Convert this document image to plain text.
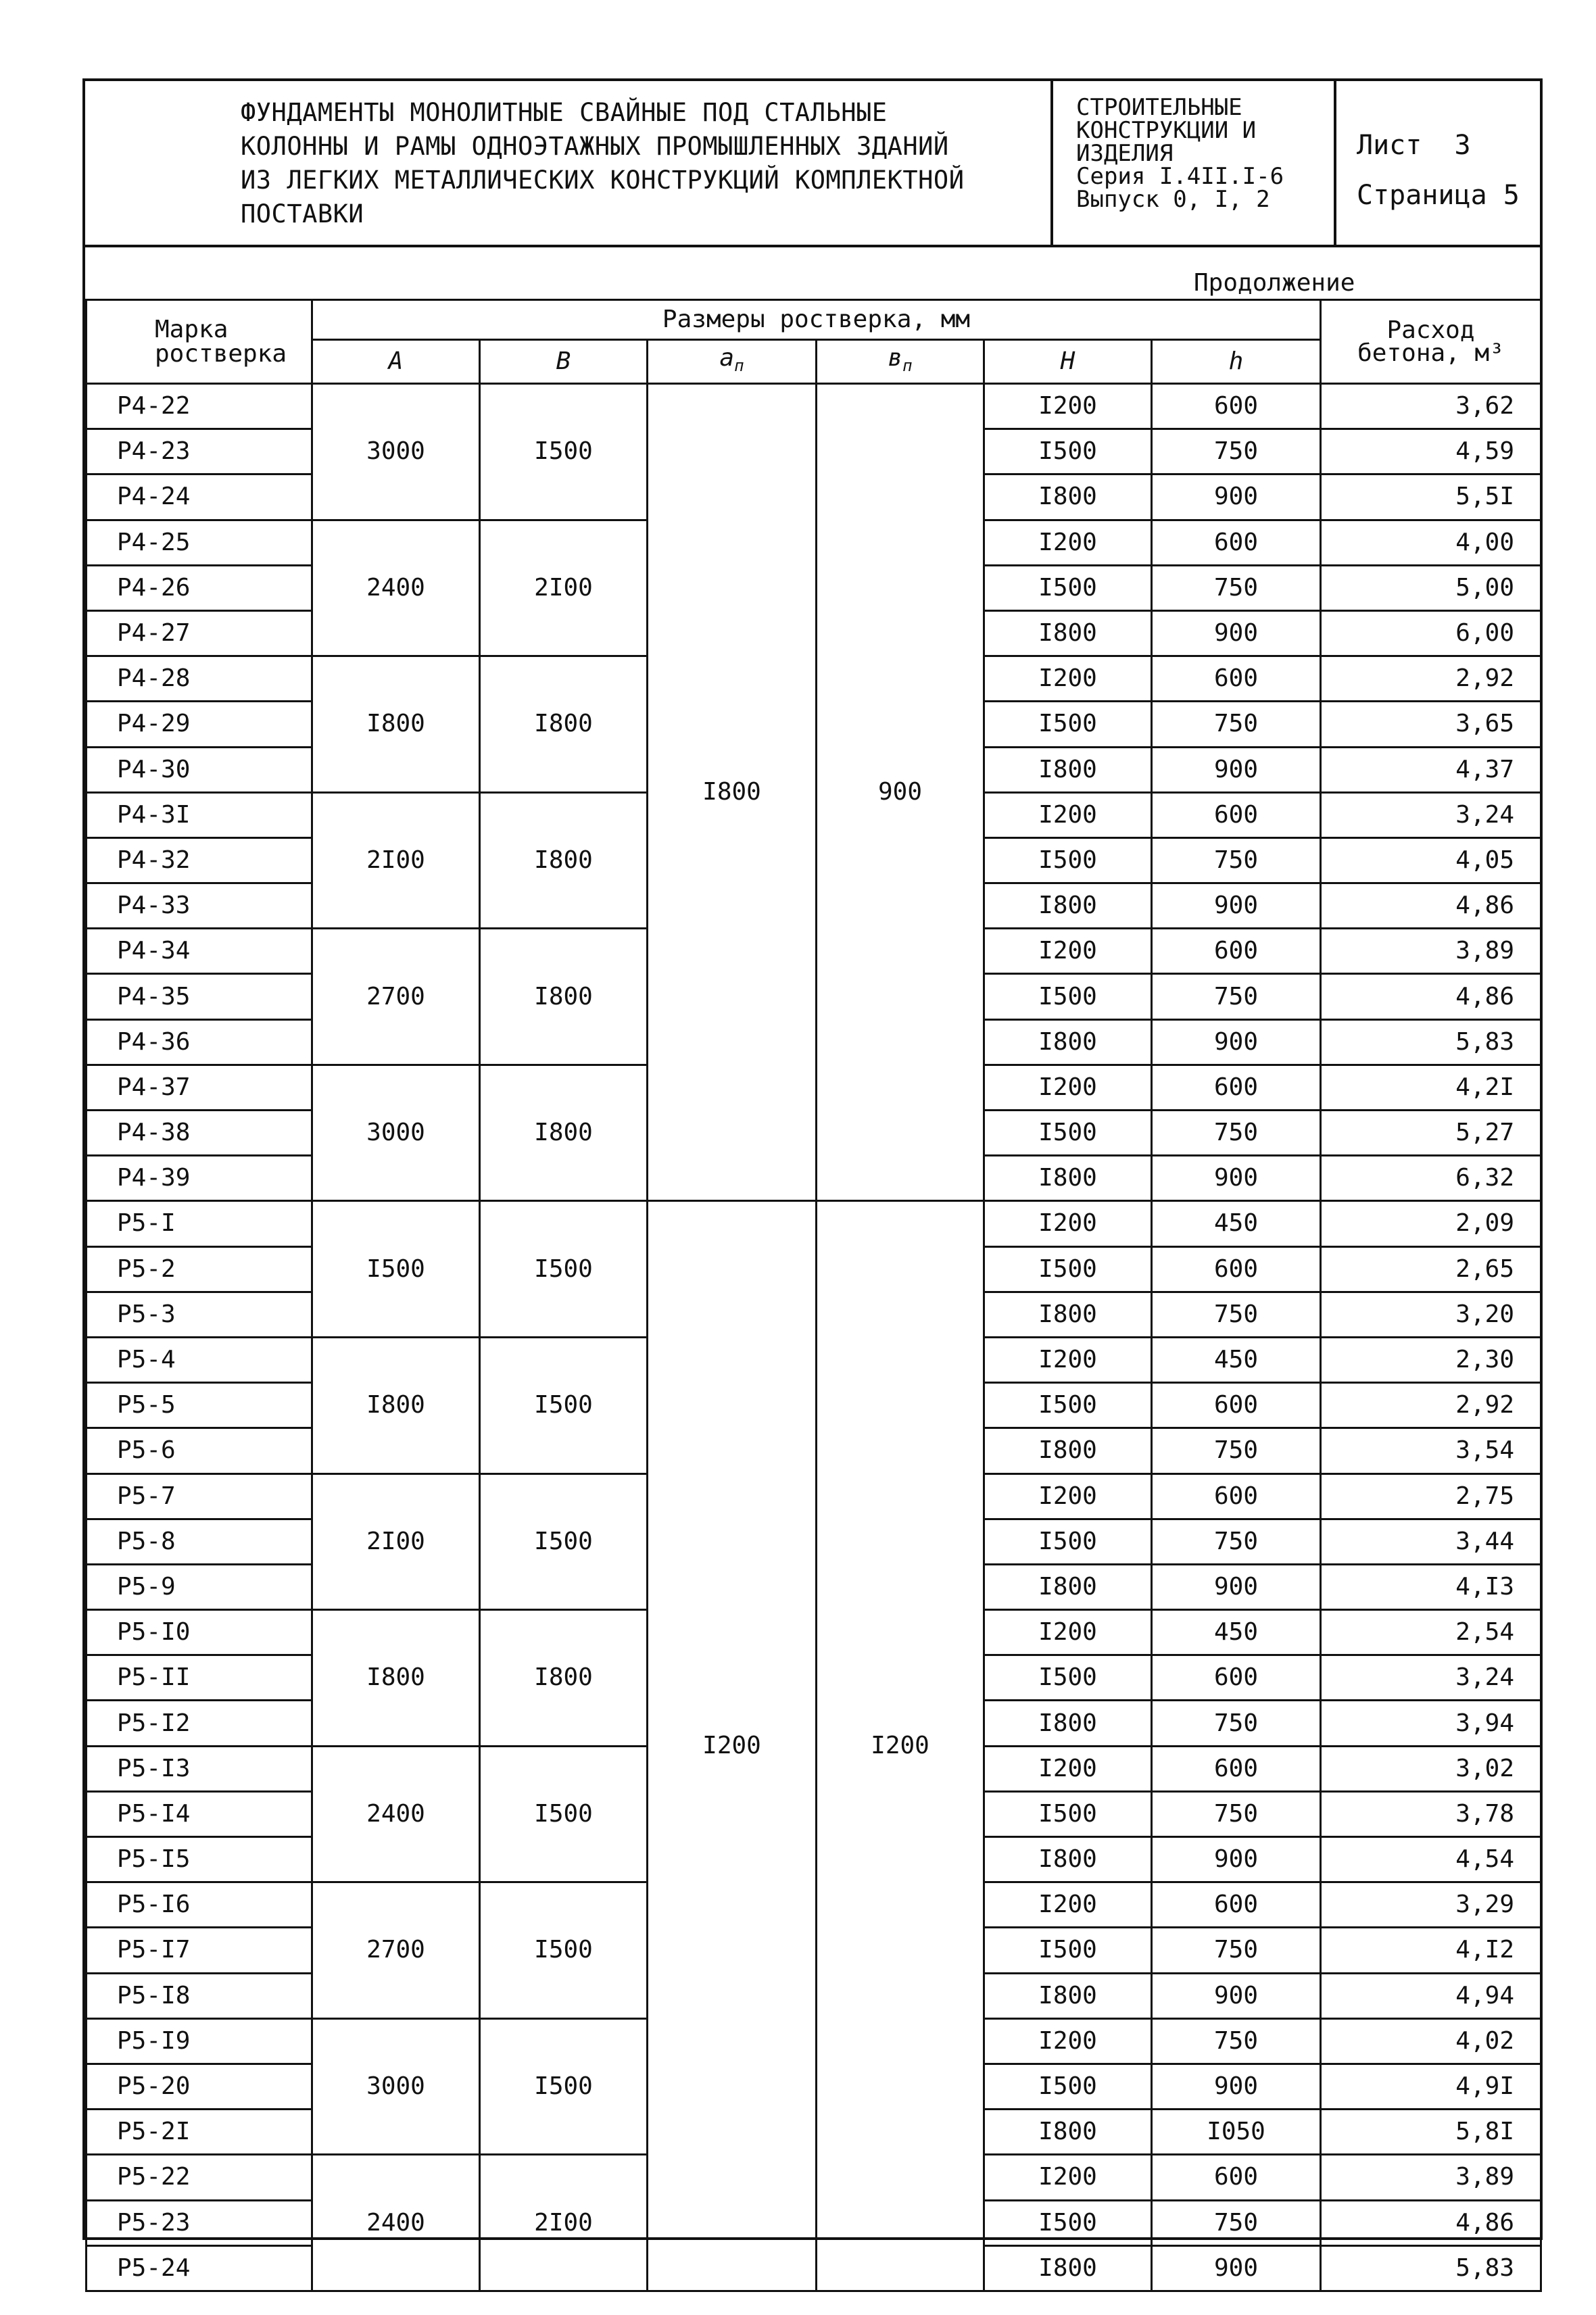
ФУНДАМЕНТЫ МОНОЛИТНЫЕ СВАЙНЫЕ ПОД СТАЛЬНЫЕ
КОЛОННЫ И РАМЫ ОДНОЭТАЖНЫХ ПРОМЫШЛЕННЫХ ЗДАНИЙ
ИЗ ЛЕГКИХ МЕТАЛЛИЧЕСКИХ КОНСТРУКЦИЙ КОМПЛЕКТНОЙ
ПОСТАВКИ
СТРОИТЕЛЬНЫЕ
КОНСТРУКЦИИ И
ИЗДЕЛИЯ
Серия I.4II.I-6
Выпуск 0, I, 2
Лист  3
Страница 5
Продолжение
Марка ростверка	Размеры ростверка, мм						Расход бетона, м³
	A	B	$a_п$	$в_п$	H	h	
P4-22	3000	I500	I800	900	I200	600	3,62
P4-23					I500	750	4,59
P4-24					I800	900	5,5I
P4-25	2400	2I00			I200	600	4,00
P4-26					I500	750	5,00
P4-27					I800	900	6,00
P4-28	I800	I800			I200	600	2,92
P4-29					I500	750	3,65
P4-30					I800	900	4,37
P4-3I	2I00	I800			I200	600	3,24
P4-32					I500	750	4,05
P4-33					I800	900	4,86
P4-34	2700	I800			I200	600	3,89
P4-35					I500	750	4,86
P4-36					I800	900	5,83
P4-37	3000	I800			I200	600	4,2I
P4-38					I500	750	5,27
P4-39					I800	900	6,32
P5-I	I500	I500	I200	I200	I200	450	2,09
P5-2					I500	600	2,65
P5-3					I800	750	3,20
P5-4	I800	I500			I200	450	2,30
P5-5					I500	600	2,92
P5-6					I800	750	3,54
P5-7	2I00	I500			I200	600	2,75
P5-8					I500	750	3,44
P5-9					I800	900	4,I3
P5-I0	I800	I800			I200	450	2,54
P5-II					I500	600	3,24
P5-I2					I800	750	3,94
P5-I3	2400	I500			I200	600	3,02
P5-I4					I500	750	3,78
P5-I5					I800	900	4,54
P5-I6	2700	I500			I200	600	3,29
P5-I7					I500	750	4,I2
P5-I8					I800	900	4,94
P5-I9	3000	I500			I200	750	4,02
P5-20					I500	900	4,9I
P5-2I					I800	I050	5,8I
P5-22	2400	2I00			I200	600	3,89
P5-23					I500	750	4,86
P5-24					I800	900	5,83
